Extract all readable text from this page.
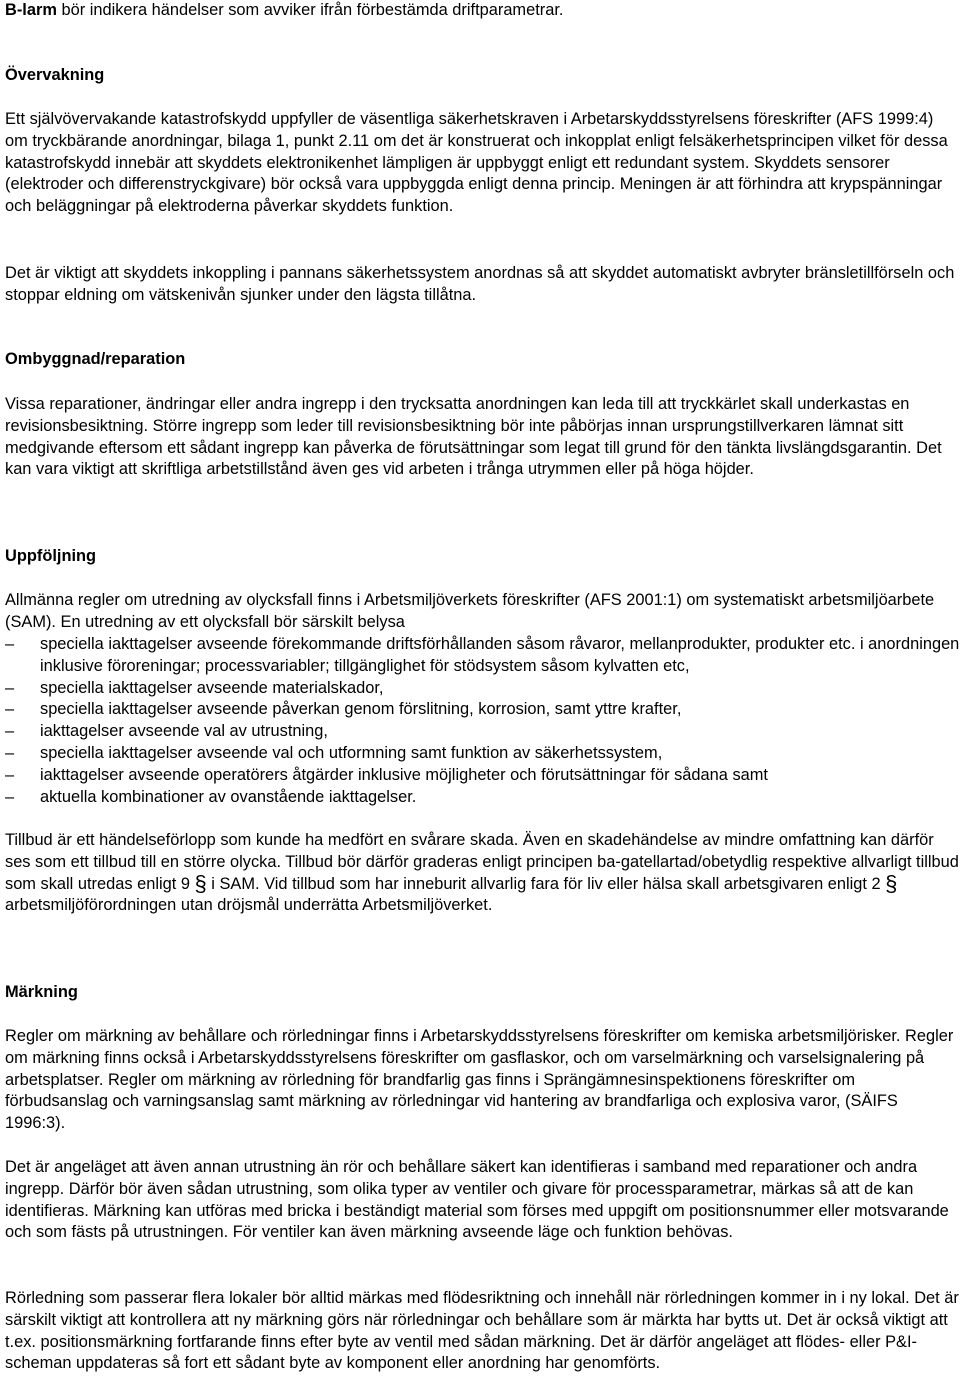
B-larm bör indikera händelser som avviker ifrån förbestämda driftparametrar.

Övervakning

Ett självövervakande katastrofskydd uppfyller de väsentliga säkerhetskraven i Arbetarskyddsstyrelsens föreskrifter (AFS 1999:4) om tryckbärande anordningar, bilaga 1, punkt 2.11 om det är konstruerat och inkopplat enligt felsäkerhetsprincipen vilket för dessa katastrofskydd innebär att skyddets elektronikenhet lämpligen är uppbyggt enligt ett redundant system. Skyddets sensorer (elektroder och differenstryckgivare) bör också vara uppbyggda enligt denna princip. Meningen är att förhindra att krypspänningar och beläggningar på elektroderna påverkar skyddets funktion.

Det är viktigt att skyddets inkoppling i pannans säkerhetssystem anordnas så att skyddet automatiskt avbryter bränsletillförseln och stoppar eldning om vätskenivån sjunker under den lägsta tillåtna.

Ombyggnad/reparation

Vissa reparationer, ändringar eller andra ingrepp i den trycksatta anordningen kan leda till att tryckkärlet skall underkastas en revisionsbesiktning. Större ingrepp som leder till revisionsbesiktning bör inte påbörjas innan ursprungstillverkaren lämnat sitt medgivande eftersom ett sådant ingrepp kan påverka de förutsättningar som legat till grund för den tänkta livslängdsgarantin. Det kan vara viktigt att skriftliga arbetstillstånd även ges vid arbeten i trånga utrymmen eller på höga höjder.

Uppföljning

Allmänna regler om utredning av olycksfall finns i Arbetsmiljöverkets föreskrifter (AFS 2001:1) om systematiskt arbetsmiljöarbete (SAM). En utredning av ett olycksfall bör särskilt belysa

–	speciella iakttagelser avseende förekommande driftsförhållanden såsom råvaror, mellanprodukter, produkter etc. i anordningen inklusive föroreningar; processvariabler; tillgänglighet för stödsystem såsom kylvatten etc,
–	speciella iakttagelser avseende materialskador,
–	speciella iakttagelser avseende påverkan genom förslitning, korrosion, samt yttre krafter,
–	iakttagelser avseende val av utrustning,
–	speciella iakttagelser avseende val och utformning samt funktion av säkerhetssystem,
–	iakttagelser avseende operatörers åtgärder inklusive möjligheter och förutsättningar för sådana samt
–	aktuella kombinationer av ovanstående iakttagelser.

Tillbud är ett händelseförlopp som kunde ha medfört en svårare skada. Även en skadehändelse av mindre omfattning kan därför ses som ett tillbud till en större olycka. Tillbud bör därför graderas enligt principen ba-gatellartad/obetydlig respektive allvarligt tillbud som skall utredas enligt 9 § i SAM. Vid tillbud som har inneburit allvarlig fara för liv eller hälsa skall arbetsgivaren enligt 2 § arbetsmiljöförordningen utan dröjsmål underrätta Arbetsmiljöverket.

Märkning

Regler om märkning av behållare och rörledningar finns i Arbetarskyddsstyrelsens föreskrifter om kemiska arbetsmiljörisker. Regler om märkning finns också i Arbetarskyddsstyrelsens föreskrifter om gasflaskor, och om varselmärkning och varselsignalering på arbetsplatser. Regler om märkning av rörledning för brandfarlig gas finns i Sprängämnesinspektionens föreskrifter om förbudsanslag och varningsanslag samt märkning av rörledningar vid hantering av brandfarliga och explosiva varor, (SÄIFS 1996:3).

Det är angeläget att även annan utrustning än rör och behållare säkert kan identifieras i samband med reparationer och andra ingrepp. Därför bör även sådan utrustning, som olika typer av ventiler och givare för processparametrar, märkas så att de kan identifieras. Märkning kan utföras med bricka i beständigt material som förses med uppgift om positionsnummer eller motsvarande och som fästs på utrustningen. För ventiler kan även märkning avseende läge och funktion behövas.

Rörledning som passerar flera lokaler bör alltid märkas med flödesriktning och innehåll när rörledningen kommer in i ny lokal. Det är särskilt viktigt att kontrollera att ny märkning görs när rörledningar och behållare som är märkta har bytts ut. Det är också viktigt att t.ex. positionsmärkning fortfarande finns efter byte av ventil med sådan märkning. Det är därför angeläget att flödes- eller P&I-scheman uppdateras så fort ett sådant byte av komponent eller anordning har genomförts.
